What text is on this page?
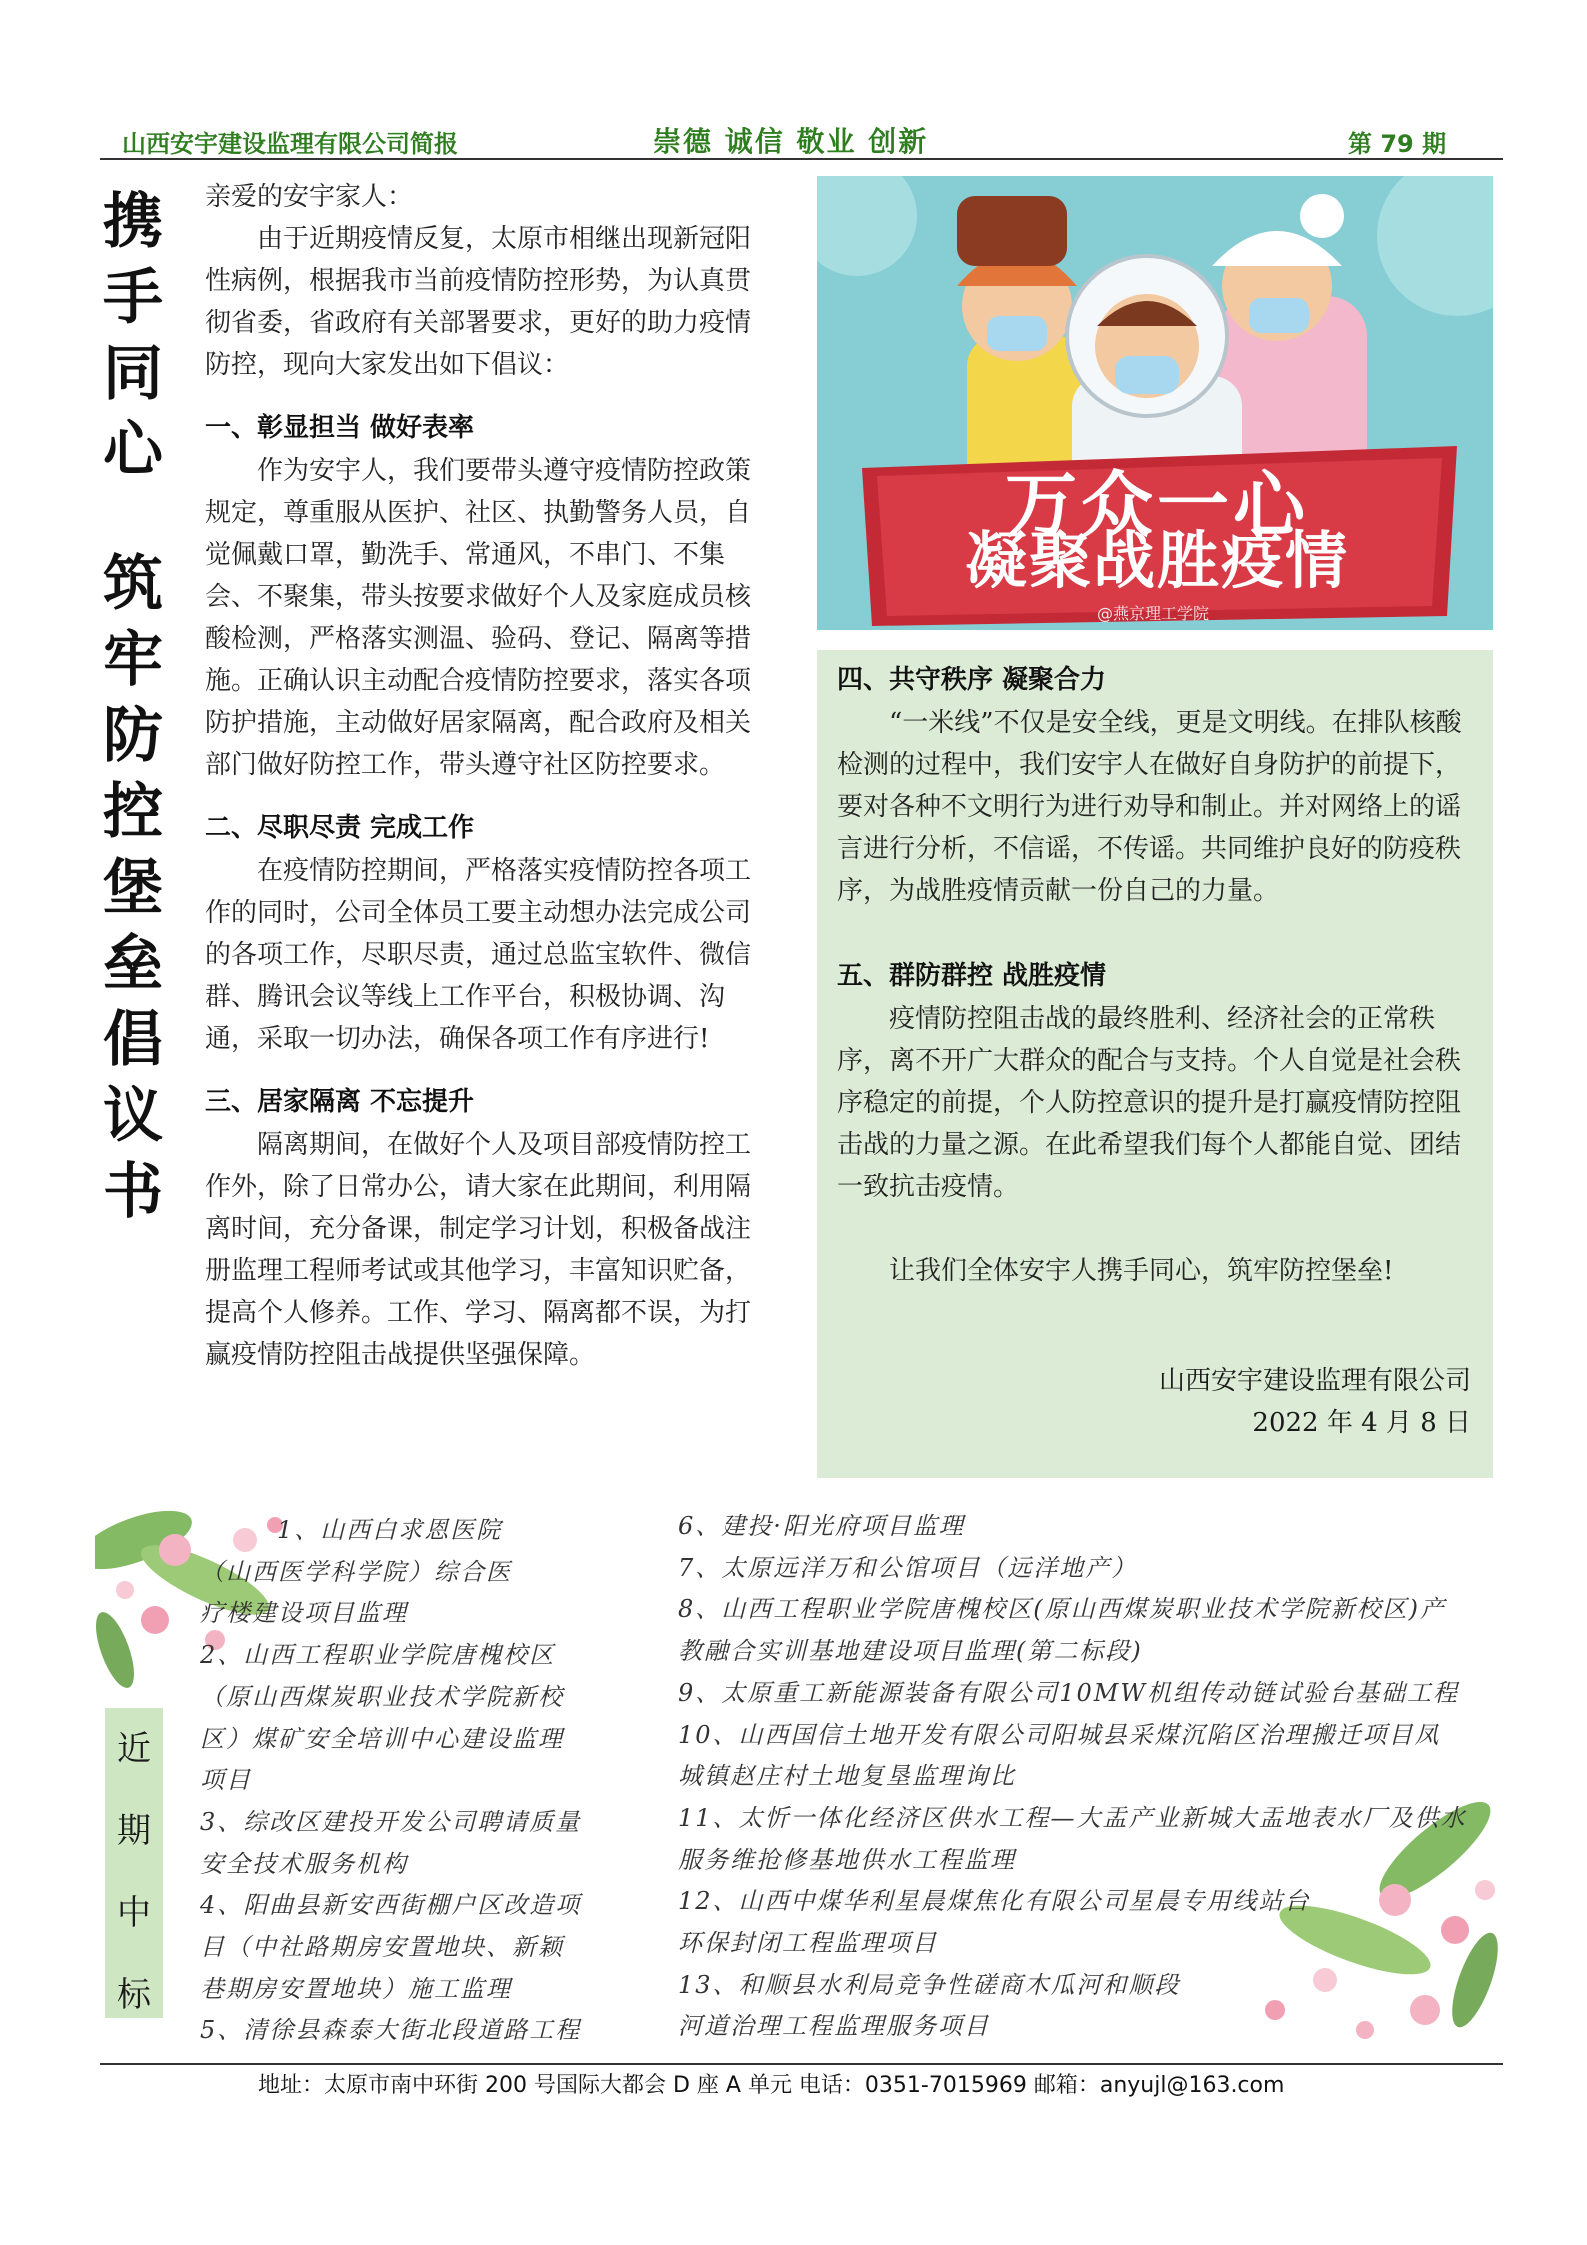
山西安宇建设监理有限公司简报	崇德 诚信 敬业 创新	第 79 期
携
手
同
心
筑
牢
防
控
堡
垒
倡
议
书

亲爱的安宇家人：

由于近期疫情反复，太原市相继出现新冠阳性病例，根据我市当前疫情防控形势，为认真贯彻省委，省政府有关部署要求，更好的助力疫情防控，现向大家发出如下倡议：

一、彰显担当 做好表率

作为安宇人，我们要带头遵守疫情防控政策规定，尊重服从医护、社区、执勤警务人员，自觉佩戴口罩，勤洗手、常通风，不串门、不集会、不聚集，带头按要求做好个人及家庭成员核酸检测，严格落实测温、验码、登记、隔离等措施。正确认识主动配合疫情防控要求，落实各项防护措施，主动做好居家隔离，配合政府及相关部门做好防控工作，带头遵守社区防控要求。

二、尽职尽责 完成工作

在疫情防控期间，严格落实疫情防控各项工作的同时，公司全体员工要主动想办法完成公司的各项工作，尽职尽责，通过总监宝软件、微信群、腾讯会议等线上工作平台，积极协调、沟通，采取一切办法，确保各项工作有序进行!

三、居家隔离 不忘提升

隔离期间，在做好个人及项目部疫情防控工作外，除了日常办公，请大家在此期间，利用隔离时间，充分备课，制定学习计划，积极备战注册监理工程师考试或其他学习，丰富知识贮备，提高个人修养。工作、学习、隔离都不误，为打赢疫情防控阻击战提供坚强保障。

万众一心
凝聚战胜疫情
@燕京理工学院
四、共守秩序 凝聚合力

“一米线”不仅是安全线，更是文明线。在排队核酸检测的过程中，我们安宇人在做好自身防护的前提下，要对各种不文明行为进行劝导和制止。并对网络上的谣言进行分析，不信谣，不传谣。共同维护良好的防疫秩序，为战胜疫情贡献一份自己的力量。

五、群防群控 战胜疫情

疫情防控阻击战的最终胜利、经济社会的正常秩序，离不开广大群众的配合与支持。个人自觉是社会秩序稳定的前提，个人防控意识的提升是打赢疫情防控阻击战的力量之源。在此希望我们每个人都能自觉、团结一致抗击疫情。

让我们全体安宇人携手同心，筑牢防控堡垒!

山西安宇建设监理有限公司
2022 年 4 月 8 日
近
期
中
标
1、山西白求恩医院
（山西医学科学院）综合医
疗楼建设项目监理
2、山西工程职业学院唐槐校区
（原山西煤炭职业技术学院新校
区）煤矿安全培训中心建设监理
项目
3、综改区建投开发公司聘请质量
安全技术服务机构
4、阳曲县新安西街棚户区改造项
目（中社路期房安置地块、新颖
巷期房安置地块）施工监理
5、清徐县森泰大街北段道路工程
6、建投·阳光府项目监理
7、太原远洋万和公馆项目（远洋地产）
8、山西工程职业学院唐槐校区(原山西煤炭职业技术学院新校区)产
教融合实训基地建设项目监理(第二标段)
9、太原重工新能源装备有限公司10MW机组传动链试验台基础工程
10、山西国信土地开发有限公司阳城县采煤沉陷区治理搬迁项目凤
城镇赵庄村土地复垦监理询比
11、太忻一体化经济区供水工程—大盂产业新城大盂地表水厂及供水
服务维抢修基地供水工程监理
12、山西中煤华利星晨煤焦化有限公司星晨专用线站台
环保封闭工程监理项目
13、和顺县水利局竞争性磋商木瓜河和顺段
河道治理工程监理服务项目
地址：太原市南中环街 200 号国际大都会 D 座 A 单元 电话：0351-7015969 邮箱：anyujl@163.com
